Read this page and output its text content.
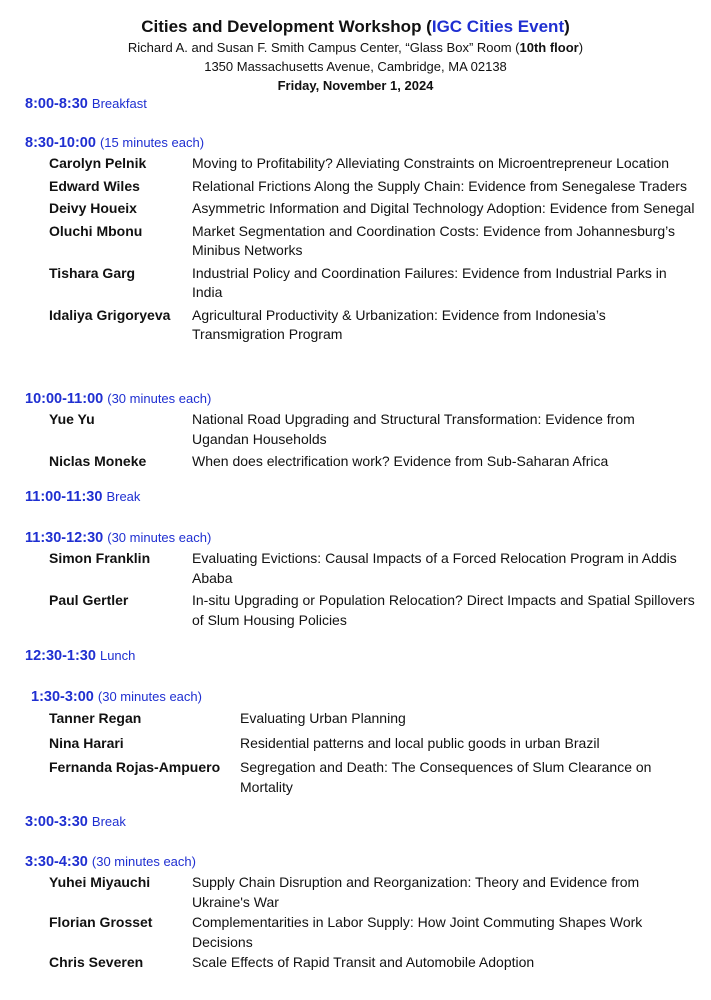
Cities and Development Workshop (IGC Cities Event)
Richard A. and Susan F. Smith Campus Center, “Glass Box” Room (10th floor)
1350 Massachusetts Avenue, Cambridge, MA 02138
Friday, November 1, 2024
8:00-8:30 Breakfast
8:30-10:00 (15 minutes each)
Carolyn Pelnik	Moving to Profitability? Alleviating Constraints on Microentrepreneur Location
Edward Wiles	Relational Frictions Along the Supply Chain: Evidence from Senegalese Traders
Deivy Houeix	Asymmetric Information and Digital Technology Adoption: Evidence from Senegal
Oluchi Mbonu	Market Segmentation and Coordination Costs: Evidence from Johannesburg’s Minibus Networks
Tishara Garg	Industrial Policy and Coordination Failures: Evidence from Industrial Parks in India
Idaliya Grigoryeva	Agricultural Productivity & Urbanization: Evidence from Indonesia’s Transmigration Program
10:00-11:00 (30 minutes each)
Yue Yu	National Road Upgrading and Structural Transformation: Evidence from Ugandan Households
Niclas Moneke	When does electrification work? Evidence from Sub-Saharan Africa
11:00-11:30 Break
11:30-12:30 (30 minutes each)
Simon Franklin	Evaluating Evictions: Causal Impacts of a Forced Relocation Program in Addis Ababa
Paul Gertler	In-situ Upgrading or Population Relocation? Direct Impacts and Spatial Spillovers of Slum Housing Policies
12:30-1:30 Lunch
1:30-3:00 (30 minutes each)
Tanner Regan	Evaluating Urban Planning
Nina Harari	Residential patterns and local public goods in urban Brazil
Fernanda Rojas-Ampuero	Segregation and Death: The Consequences of Slum Clearance on Mortality
3:00-3:30 Break
3:30-4:30 (30 minutes each)
Yuhei Miyauchi	Supply Chain Disruption and Reorganization: Theory and Evidence from Ukraine's War
Florian Grosset	Complementarities in Labor Supply: How Joint Commuting Shapes Work Decisions
Chris Severen	Scale Effects of Rapid Transit and Automobile Adoption
